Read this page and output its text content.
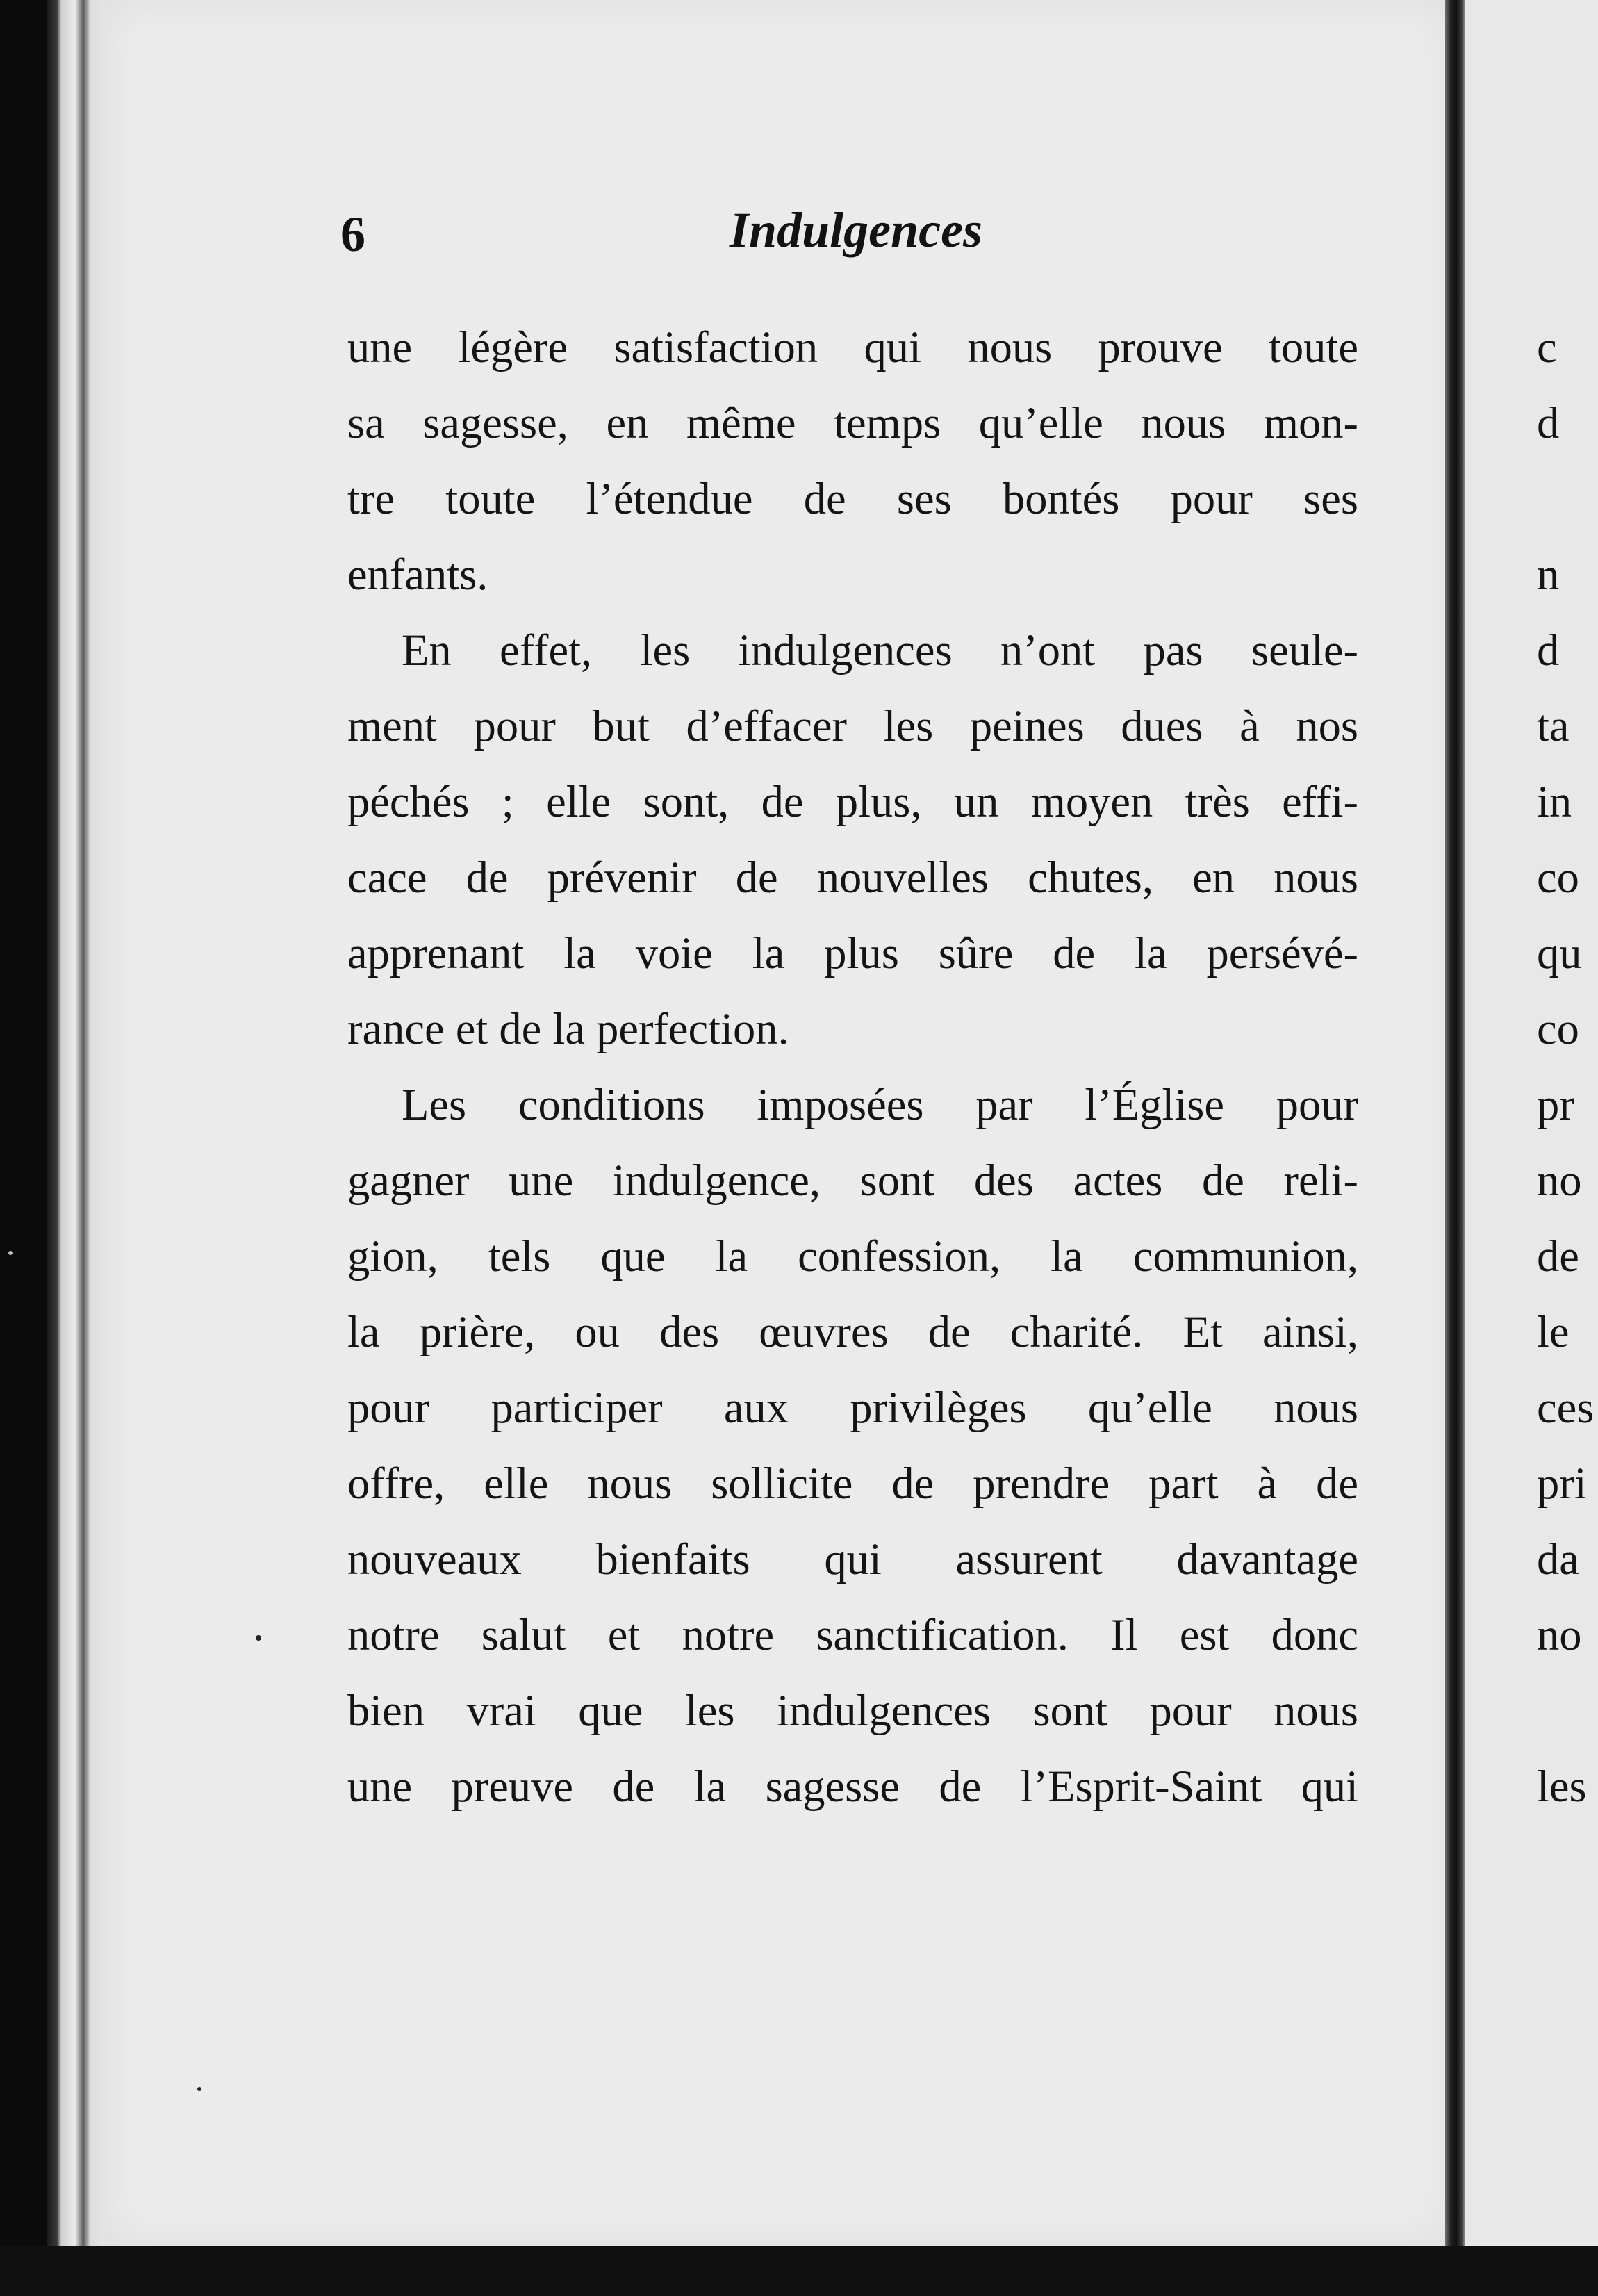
6	Indulgences
une légère satisfaction qui nous prouve toute
sa sagesse, en même temps qu’elle nous mon-
tre toute l’étendue de ses bontés pour ses
enfants.
En effet, les indulgences n’ont pas seule-
ment pour but d’effacer les peines dues à nos
péchés ; elle sont, de plus, un moyen très effi-
cace de prévenir de nouvelles chutes, en nous
apprenant la voie la plus sûre de la persévé-
rance et de la perfection.
Les conditions imposées par l’Église pour
gagner une indulgence, sont des actes de reli-
gion, tels que la confession, la communion,
la prière, ou des œuvres de charité. Et ainsi,
pour participer aux privilèges qu’elle nous
offre, elle nous sollicite de prendre part à de
nouveaux bienfaits qui assurent davantage
notre salut et notre sanctification. Il est donc
bien vrai que les indulgences sont pour nous
une preuve de la sagesse de l’Esprit-Saint qui
c
d
n
d
ta
in
co
qu
co
pr
no
de
le
ces
pri
da
no
les
